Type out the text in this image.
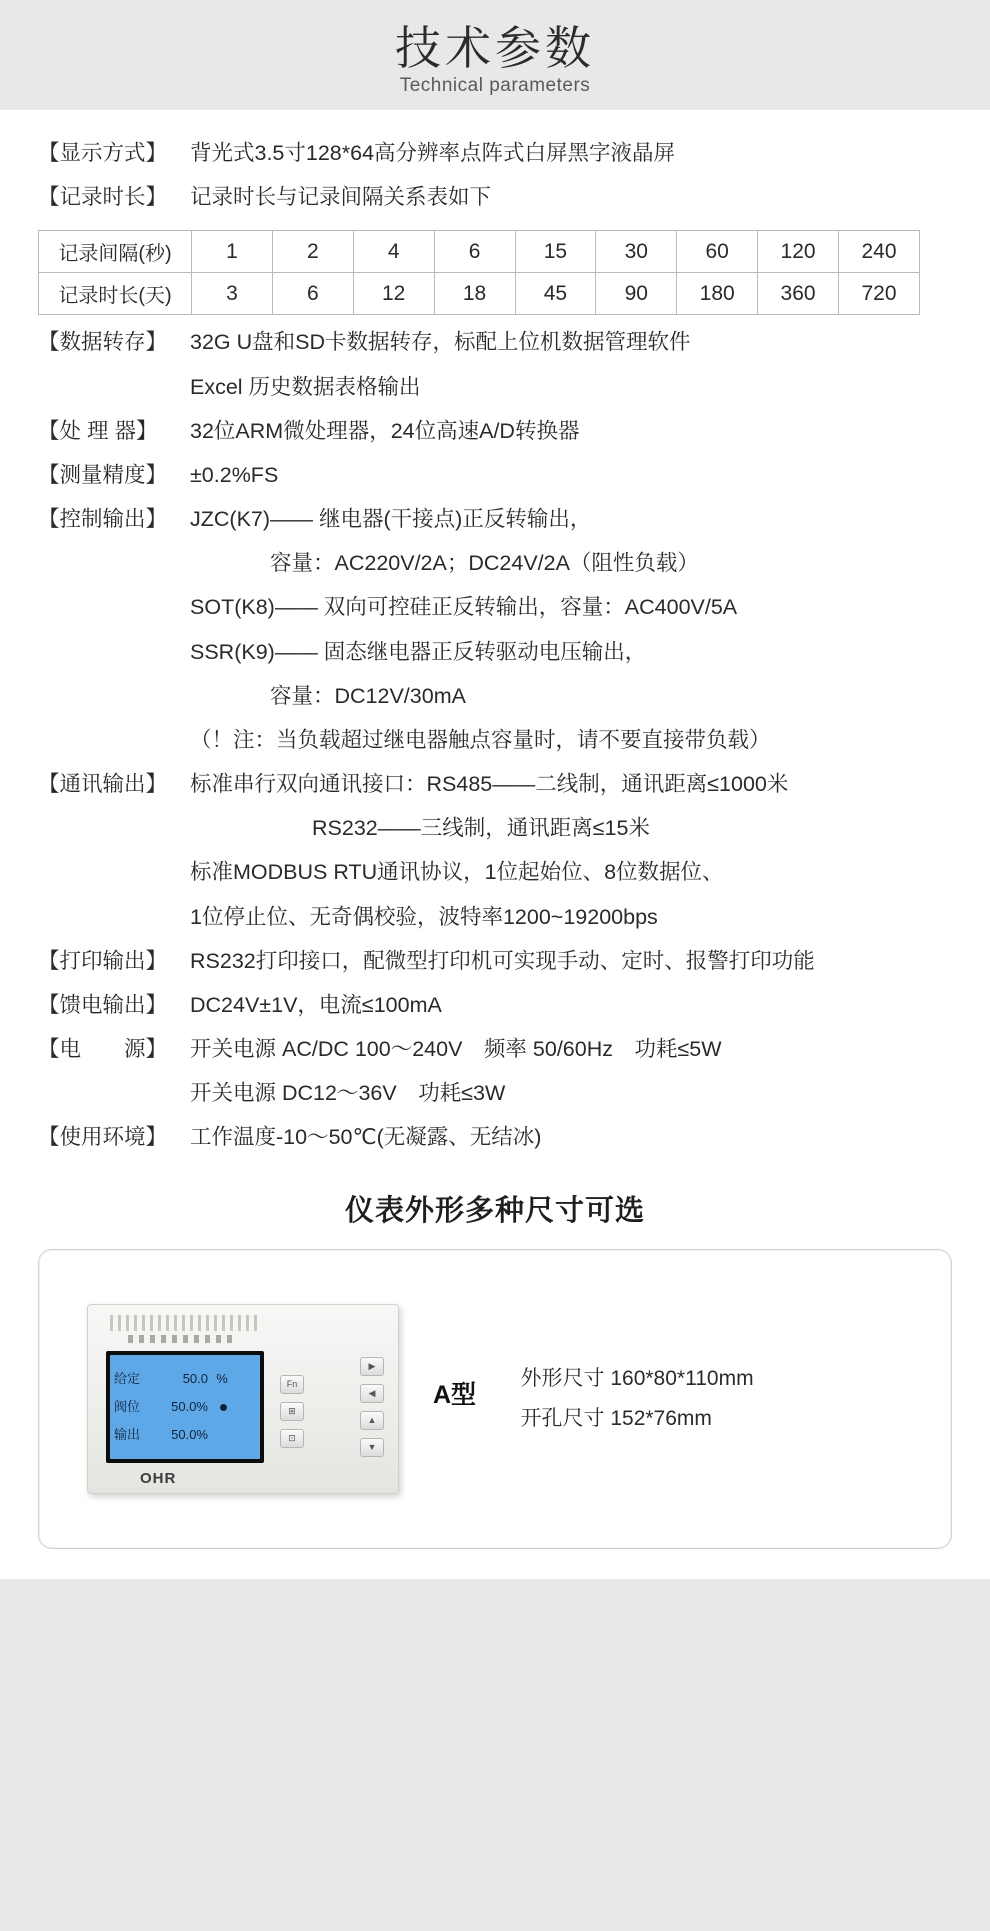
技术参数
Technical parameters
【显示方式】	背光式3.5寸128*64高分辨率点阵式白屏黑字液晶屏
【记录时长】	记录时长与记录间隔关系表如下
记录间隔(秒)	1	2	4	6	15	30	60	120	240
记录时长(天)	3	6	12	18	45	90	180	360	720
【数据转存】	32G U盘和SD卡数据转存，标配上位机数据管理软件
Excel 历史数据表格输出
【处 理 器】	32位ARM微处理器，24位高速A/D转换器
【测量精度】	±0.2%FS
【控制输出】	JZC(K7)—— 继电器(干接点)正反转输出，
容量：AC220V/2A；DC24V/2A（阻性负载）
SOT(K8)—— 双向可控硅正反转输出，容量：AC400V/5A
SSR(K9)—— 固态继电器正反转驱动电压输出，
容量：DC12V/30mA
（！注：当负载超过继电器触点容量时，请不要直接带负载）
【通讯输出】	标准串行双向通讯接口：RS485——二线制，通讯距离≤1000米
RS232——三线制，通讯距离≤15米
标准MODBUS RTU通讯协议，1位起始位、8位数据位、
1位停止位、无奇偶校验，波特率1200~19200bps
【打印输出】	RS232打印接口，配微型打印机可实现手动、定时、报警打印功能
【馈电输出】	DC24V±1V，电流≤100mA
【电　　源】	开关电源 AC/DC 100～240V　频率 50/60Hz　功耗≤5W
开关电源 DC12～36V　功耗≤3W
【使用环境】	工作温度-10～50℃(无凝露、无结冰)
仪表外形多种尺寸可选
给定	50.0 %
阀位	50.0%
输出	50.0%
OHR
▶
◀
▲
▼
Fn
⊞
⊡
A型
外形尺寸 160*80*110mm
开孔尺寸 152*76mm
